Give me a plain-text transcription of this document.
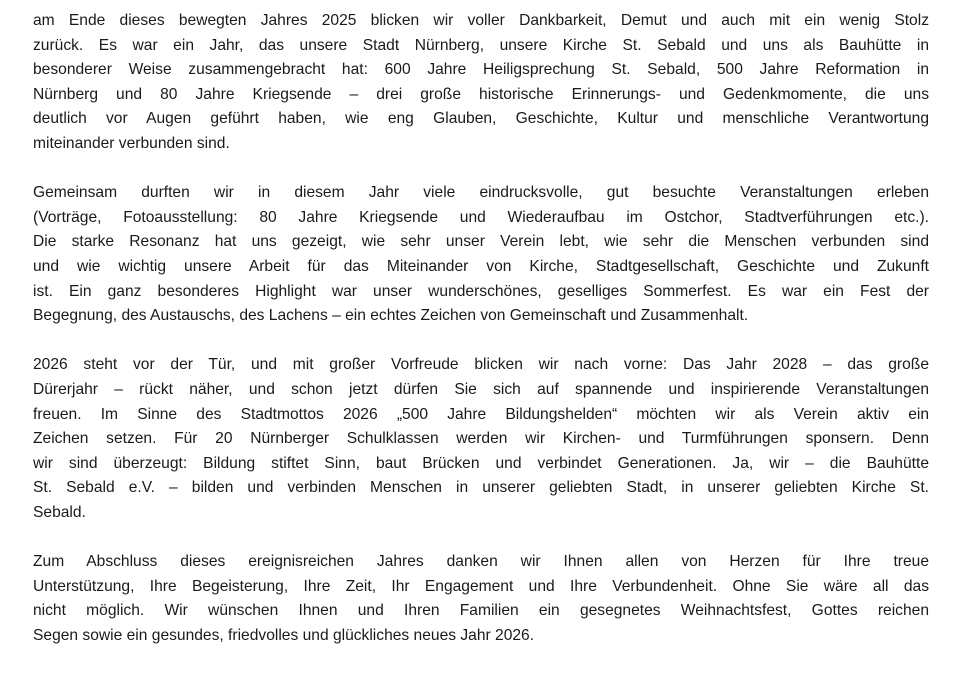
am Ende dieses bewegten Jahres 2025 blicken wir voller Dankbarkeit, Demut und auch mit ein wenig Stolz
zurück. Es war ein Jahr, das unsere Stadt Nürnberg, unsere Kirche St. Sebald und uns als Bauhütte in
besonderer Weise zusammengebracht hat: 600 Jahre Heiligsprechung St. Sebald, 500 Jahre Reformation in
Nürnberg und 80 Jahre Kriegsende – drei große historische Erinnerungs- und Gedenkmomente, die uns
deutlich vor Augen geführt haben, wie eng Glauben, Geschichte, Kultur und menschliche Verantwortung
miteinander verbunden sind.

Gemeinsam durften wir in diesem Jahr viele eindrucksvolle, gut besuchte Veranstaltungen erleben
(Vorträge, Fotoausstellung: 80 Jahre Kriegsende und Wiederaufbau im Ostchor, Stadtverführungen etc.).
Die starke Resonanz hat uns gezeigt, wie sehr unser Verein lebt, wie sehr die Menschen verbunden sind
und wie wichtig unsere Arbeit für das Miteinander von Kirche, Stadtgesellschaft, Geschichte und Zukunft
ist. Ein ganz besonderes Highlight war unser wunderschönes, geselliges Sommerfest. Es war ein Fest der
Begegnung, des Austauschs, des Lachens – ein echtes Zeichen von Gemeinschaft und Zusammenhalt.

2026 steht vor der Tür, und mit großer Vorfreude blicken wir nach vorne: Das Jahr 2028 – das große
Dürerjahr – rückt näher, und schon jetzt dürfen Sie sich auf spannende und inspirierende Veranstaltungen
freuen. Im Sinne des Stadtmottos 2026 „500 Jahre Bildungshelden“ möchten wir als Verein aktiv ein
Zeichen setzen. Für 20 Nürnberger Schulklassen werden wir Kirchen- und Turmführungen sponsern. Denn
wir sind überzeugt: Bildung stiftet Sinn, baut Brücken und verbindet Generationen. Ja, wir – die Bauhütte
St. Sebald e.V. – bilden und verbinden Menschen in unserer geliebten Stadt, in unserer geliebten Kirche St.
Sebald.

Zum Abschluss dieses ereignisreichen Jahres danken wir Ihnen allen von Herzen für Ihre treue
Unterstützung, Ihre Begeisterung, Ihre Zeit, Ihr Engagement und Ihre Verbundenheit. Ohne Sie wäre all das
nicht möglich. Wir wünschen Ihnen und Ihren Familien ein gesegnetes Weihnachtsfest, Gottes reichen
Segen sowie ein gesundes, friedvolles und glückliches neues Jahr 2026.
